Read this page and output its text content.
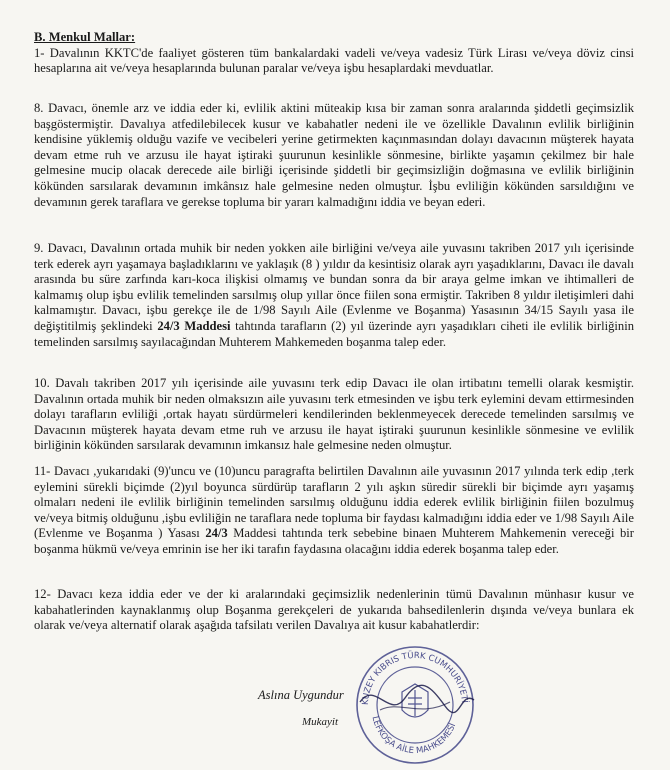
B. Menkul Mallar:

1- Davalının KKTC'de faaliyet gösteren tüm bankalardaki vadeli ve/veya vadesiz Türk Lirası ve/veya döviz cinsi hesaplarına ait ve/veya hesaplarında bulunan paralar ve/veya işbu hesaplardaki mevduatlar.

8. Davacı, önemle arz ve iddia eder ki, evlilik aktini müteakip kısa bir zaman sonra aralarında şiddetli geçimsizlik başgöstermiştir. Davalıya atfedilebilecek kusur ve kabahatler nedeni ile ve özellikle Davalının evlilik birliğinin kendisine yüklemiş olduğu vazife ve vecibeleri yerine getirmekten kaçınmasından dolayı davacının müşterek hayata devam etme ruh ve arzusu ile hayat iştiraki şuurunun kesinlikle sönmesine, birlikte yaşamın çekilmez bir hale gelmesine mucip olacak derecede aile birliği içerisinde şiddetli bir geçimsizliğin doğmasına ve evlilik birliğinin kökünden sarsılarak devamının imkânsız hale gelmesine neden olmuştur. İşbu evliliğin kökünden sarsıldığını ve devamının gerek taraflara ve gerekse topluma bir yararı kalmadığını iddia ve beyan ederi.

9. Davacı, Davalının ortada muhik bir neden yokken aile birliğini ve/veya aile yuvasını takriben 2017 yılı içerisinde terk ederek ayrı yaşamaya başladıklarını ve yaklaşık (8 ) yıldır da kesintisiz olarak ayrı yaşadıklarını, Davacı ile davalı arasında bu süre zarfında karı-koca ilişkisi olmamış ve bundan sonra da bir araya gelme imkan ve ihtimalleri de kalmamış olup işbu evlilik temelinden sarsılmış olup yıllar önce fiilen sona ermiştir. Takriben 8 yıldır iletişimleri dahi kalmamıştır. Davacı, işbu gerekçe ile de 1/98 Sayılı Aile (Evlenme ve Boşanma) Yasasının 34/15 Sayılı yasa ile değiştitilmiş şeklindeki 24/3 Maddesi tahtında tarafların (2) yıl üzerinde ayrı yaşadıkları ciheti ile evlilik birliğinin temelinden sarsılmış sayılacağından Muhterem Mahkemeden boşanma talep eder.

10. Davalı takriben 2017 yılı içerisinde aile yuvasını terk edip Davacı ile olan irtibatını temelli olarak kesmiştir. Davalının ortada muhik bir neden olmaksızın aile yuvasını terk etmesinden ve işbu terk eylemini devam ettirmesinden dolayı tarafların evliliği ,ortak hayatı sürdürmeleri kendilerinden beklenmeyecek derecede temelinden sarsılmış ve Davacının müşterek hayata devam etme ruh ve arzusu ile hayat iştiraki şuurunun kesinlikle sönmesine ve evlilik birliğinin kökünden sarsılarak devamının imkansız hale gelmesine neden olmuştur.

11- Davacı ,yukarıdaki (9)'uncu ve (10)uncu paragrafta belirtilen Davalının aile yuvasının 2017 yılında terk edip ,terk eylemini sürekli biçimde (2)yıl boyunca sürdürüp tarafların 2 yılı aşkın süredir sürekli bir biçimde ayrı yaşamış olmaları nedeni ile evlilik birliğinin temelinden sarsılmış olduğunu iddia ederek evlilik birliğinin fiilen bozulmuş ve/veya bitmiş olduğunu ,işbu evliliğin ne taraflara nede topluma bir faydası kalmadığını iddia eder ve 1/98 Sayılı Aile (Evlenme ve Boşanma ) Yasası 24/3 Maddesi tahtında terk sebebine binaen Muhterem Mahkemenin vereceği bir boşanma hükmü ve/veya emrinin ise her iki tarafın faydasına olacağını iddia ederek boşanma talep eder.

12- Davacı keza iddia eder ve der ki aralarındaki geçimsizlik nedenlerinin tümü Davalının münhasır kusur ve kabahatlerinden kaynaklanmış olup Boşanma gerekçeleri de yukarıda bahsedilenlerin dışında ve/veya bunlara ek olarak ve/veya alternatif olarak aşağıda tafsilatı verilen Davalıya ait kusur kabahatlerdir:

Aslına Uygundur
Mukayit
KUZEY KIBRIS TÜRK CUMHURİYETİ
LEFKOŞA AİLE MAHKEMESİ
